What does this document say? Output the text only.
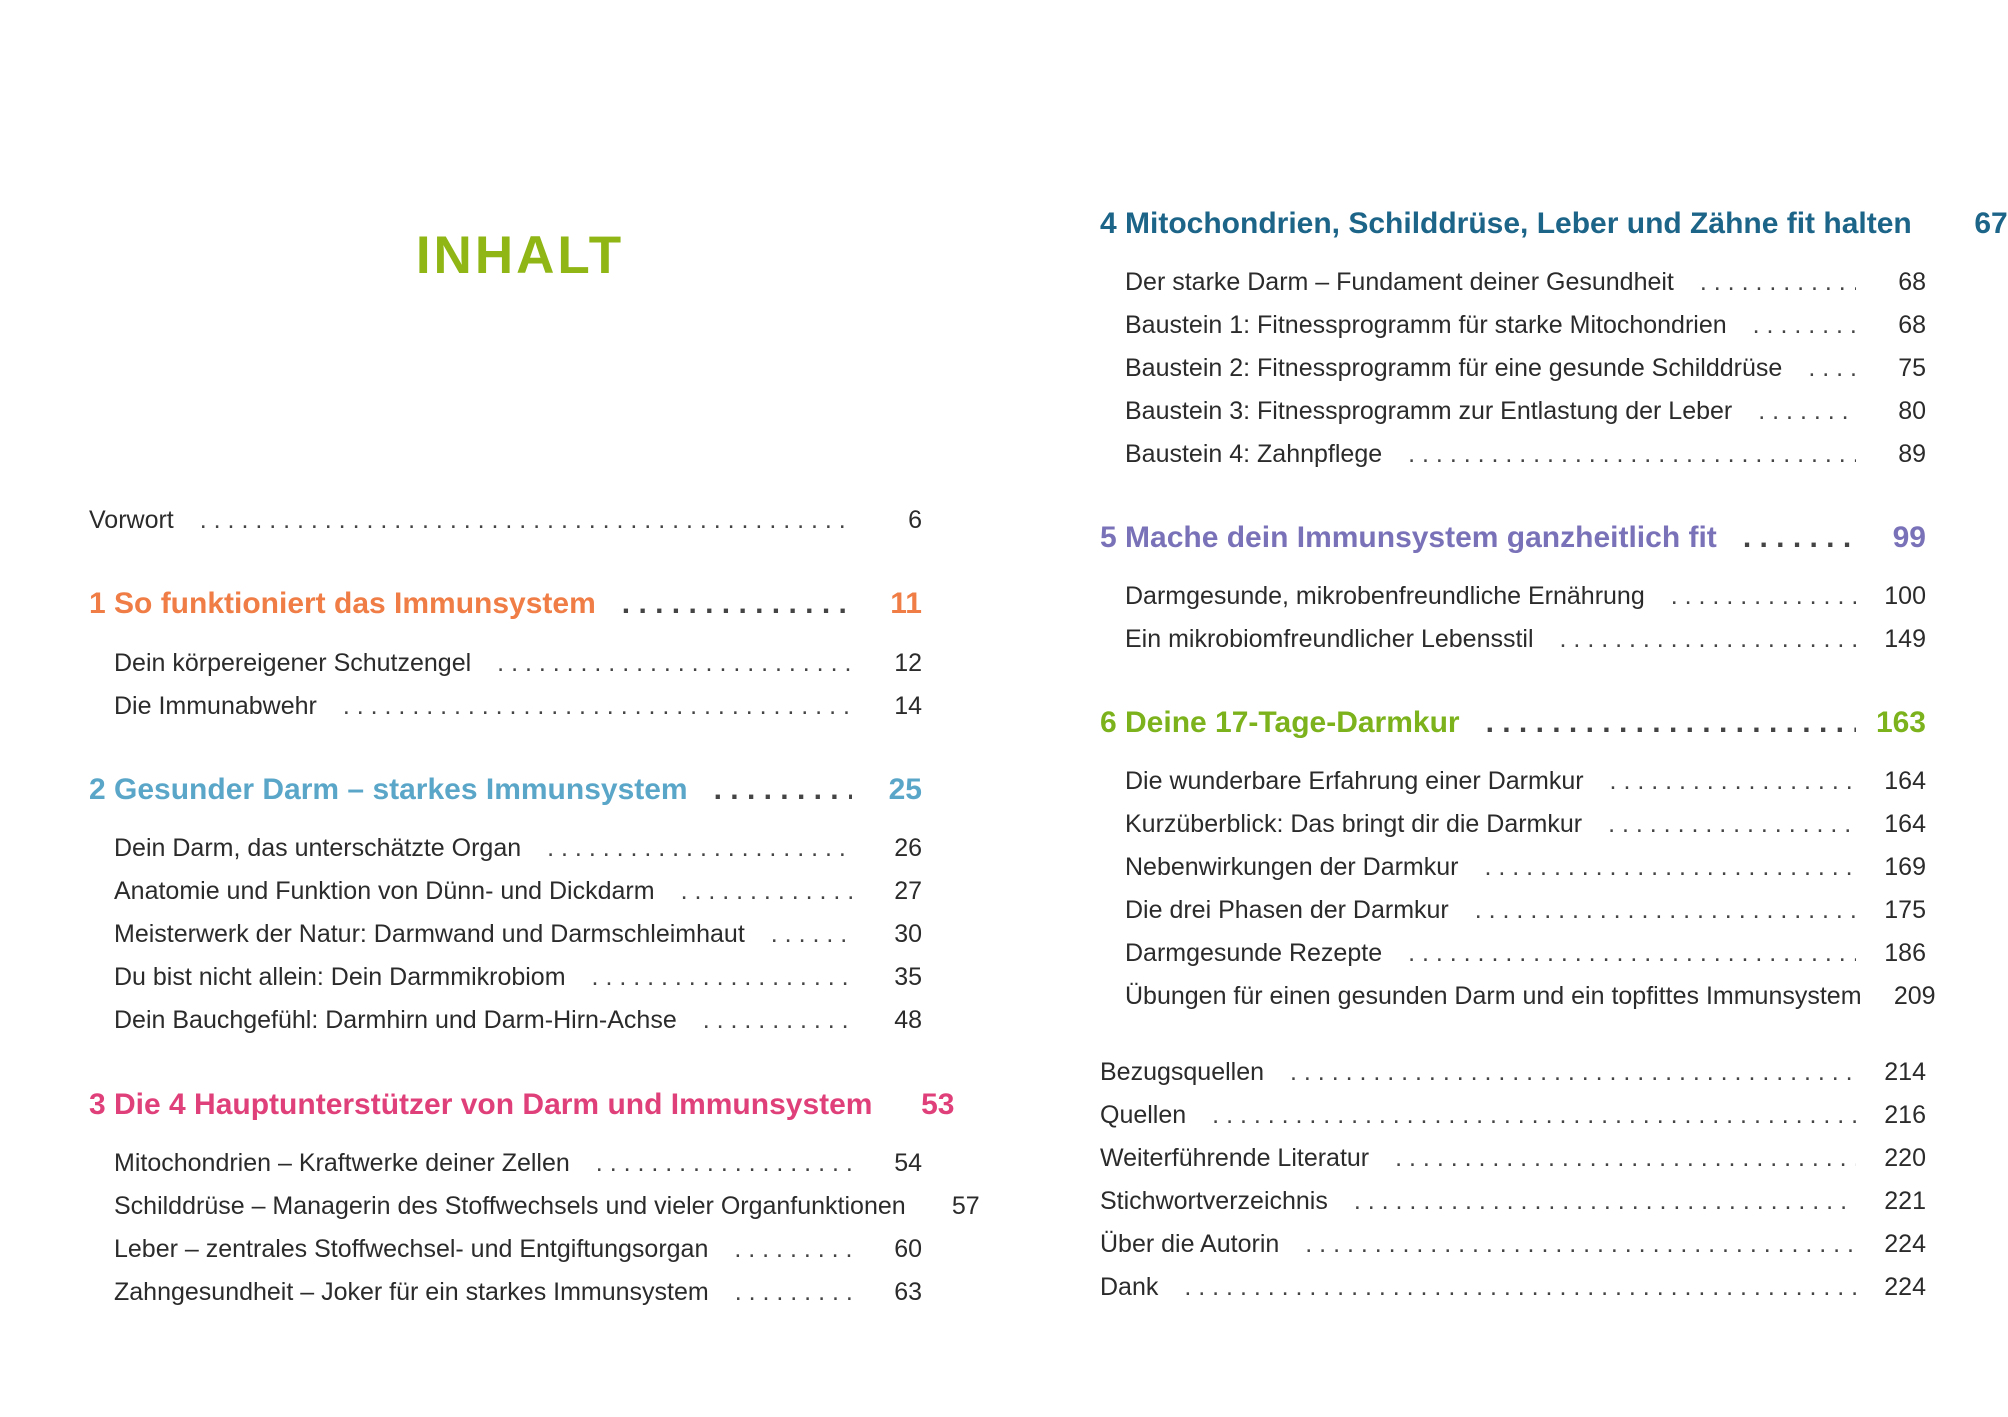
INHALT
Vorwort . . .	6
1 So funktioniert das Immunsystem . . .	11
Dein körpereigener Schutzengel . . .	12
Die Immunabwehr . . .	14
2 Gesunder Darm – starkes Immunsystem . . .	25
Dein Darm, das unterschätzte Organ . . .	26
Anatomie und Funktion von Dünn- und Dickdarm . . .	27
Meisterwerk der Natur: Darmwand und Darmschleimhaut . . .	30
Du bist nicht allein: Dein Darmmikrobiom . . .	35
Dein Bauchgefühl: Darmhirn und Darm-Hirn-Achse . . .	48
3 Die 4 Hauptunterstützer von Darm und Immunsystem	53
Mitochondrien – Kraftwerke deiner Zellen . . .	54
Schilddrüse – Managerin des Stoffwechsels und vieler Organfunktionen	57
Leber – zentrales Stoffwechsel- und Entgiftungsorgan . . .	60
Zahngesundheit – Joker für ein starkes Immunsystem . . .	63
4 Mitochondrien, Schilddrüse, Leber und Zähne fit halten	67
Der starke Darm – Fundament deiner Gesundheit . . .	68
Baustein 1: Fitnessprogramm für starke Mitochondrien . . .	68
Baustein 2: Fitnessprogramm für eine gesunde Schilddrüse . . .	75
Baustein 3: Fitnessprogramm zur Entlastung der Leber . . .	80
Baustein 4: Zahnpflege . . .	89
5 Mache dein Immunsystem ganzheitlich fit . . .	99
Darmgesunde, mikrobenfreundliche Ernährung . . .	100
Ein mikrobiomfreundlicher Lebensstil . . .	149
6 Deine 17-Tage-Darmkur . . .	163
Die wunderbare Erfahrung einer Darmkur . . .	164
Kurzüberblick: Das bringt dir die Darmkur . . .	164
Nebenwirkungen der Darmkur . . .	169
Die drei Phasen der Darmkur . . .	175
Darmgesunde Rezepte . . .	186
Übungen für einen gesunden Darm und ein topfittes Immunsystem	209
Bezugsquellen . . .	214
Quellen . . .	216
Weiterführende Literatur . . .	220
Stichwortverzeichnis . . .	221
Über die Autorin . . .	224
Dank . . .	224
